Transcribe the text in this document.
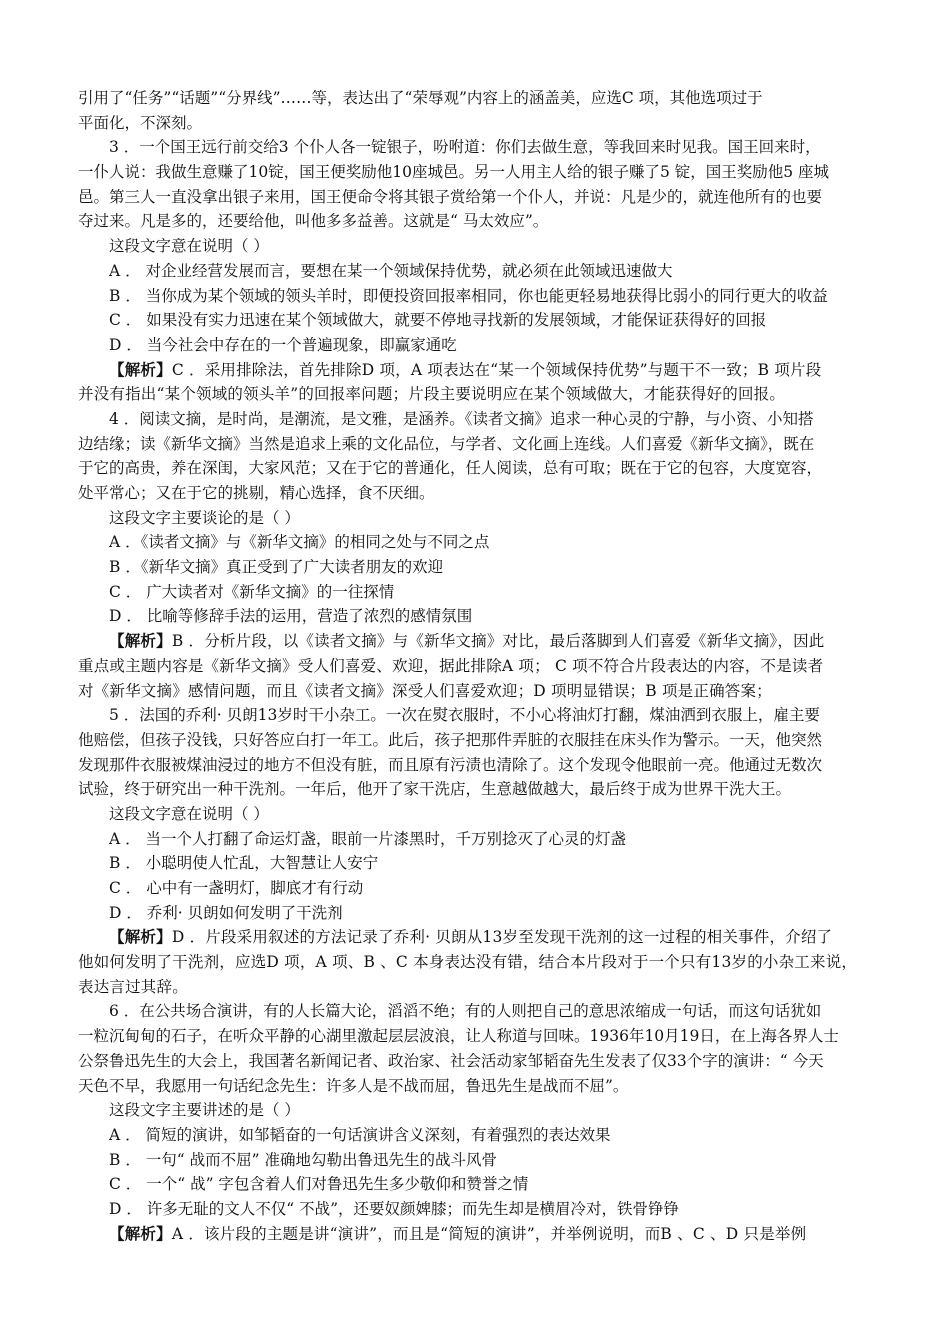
引用了“任务”“话题”“分界线”……等，表达出了“荣辱观”内容上的涵盖美，应选C 项，其他选项过于
平面化，不深刻。
3 ．一个国王远行前交给3 个仆人各一锭银子，吩咐道：你们去做生意，等我回来时见我。国王回来时，
一仆人说：我做生意赚了10锭，国王便奖励他10座城邑。另一人用主人给的银子赚了5 锭，国王奖励他5 座城
邑。第三人一直没拿出银子来用，国王便命令将其银子赏给第一个仆人，并说：凡是少的，就连他所有的也要
夺过来。凡是多的，还要给他，叫他多多益善。这就是“ 马太效应”。
这段文字意在说明（ ）
A ． 对企业经营发展而言，要想在某一个领域保持优势，就必须在此领域迅速做大
B ． 当你成为某个领域的领头羊时，即便投资回报率相同，你也能更轻易地获得比弱小的同行更大的收益
C ． 如果没有实力迅速在某个领域做大，就要不停地寻找新的发展领域，才能保证获得好的回报
D ． 当今社会中存在的一个普遍现象，即赢家通吃
【解析】C ．采用排除法，首先排除D 项，A 项表达在“某一个领域保持优势”与题干不一致；B 项片段
并没有指出“某个领域的领头羊”的回报率问题；片段主要说明应在某个领域做大，才能获得好的回报。
4 ．阅读文摘，是时尚，是潮流，是文雅，是涵养。《读者文摘》追求一种心灵的宁静，与小资、小知搭
边结缘；读《新华文摘》当然是追求上乘的文化品位，与学者、文化画上连线。人们喜爱《新华文摘》，既在
于它的高贵，养在深闺，大家风范；又在于它的普通化，任人阅读，总有可取；既在于它的包容，大度宽容，
处平常心；又在于它的挑剔，精心选择，食不厌细。
这段文字主要谈论的是（ ）
A ．《读者文摘》与《新华文摘》的相同之处与不同之点
B ．《新华文摘》真正受到了广大读者朋友的欢迎
C ． 广大读者对《新华文摘》的一往探情
D ． 比喻等修辞手法的运用，营造了浓烈的感情氛围
【解析】B ．分析片段，以《读者文摘》与《新华文摘》对比，最后落脚到人们喜爱《新华文摘》，因此
重点或主题内容是《新华文摘》受人们喜爱、欢迎，据此排除A 项； C 项不符合片段表达的内容，不是读者
对《新华文摘》感情问题，而且《读者文摘》深受人们喜爱欢迎；D 项明显错误；B 项是正确答案；
5 ．法国的乔利· 贝朗13岁时干小杂工。一次在熨衣服时，不小心将油灯打翻，煤油洒到衣服上，雇主要
他赔偿，但孩子没钱，只好答应白打一年工。此后，孩子把那件弄脏的衣服挂在床头作为警示。一天，他突然
发现那件衣服被煤油浸过的地方不但没有脏，而且原有污渍也清除了。这个发现令他眼前一亮。他通过无数次
试验，终于研究出一种干洗剂。一年后，他开了家干洗店，生意越做越大，最后终于成为世界干洗大王。
这段文字意在说明（ ）
A ． 当一个人打翻了命运灯盏，眼前一片漆黑时，千万别捻灭了心灵的灯盏
B ． 小聪明使人忙乱，大智慧让人安宁
C ． 心中有一盏明灯，脚底才有行动
D ． 乔利· 贝朗如何发明了干洗剂
【解析】D ．片段采用叙述的方法记录了乔利· 贝朗从13岁至发现干洗剂的这一过程的相关事件，介绍了
他如何发明了干洗剂，应选D 项，A 项、B 、C 本身表达没有错，结合本片段对于一个只有13岁的小杂工来说，
表达言过其辞。
6 ．在公共场合演讲，有的人长篇大论，滔滔不绝；有的人则把自己的意思浓缩成一句话，而这句话犹如
一粒沉甸甸的石子，在听众平静的心湖里激起层层波浪，让人称道与回味。1936年10月19日，在上海各界人士
公祭鲁迅先生的大会上，我国著名新闻记者、政治家、社会活动家邹韬奋先生发表了仅33个字的演讲：“ 今天
天色不早，我愿用一句话纪念先生：许多人是不战而屈，鲁迅先生是战而不屈”。
这段文字主要讲述的是（ ）
A ． 简短的演讲，如邹韬奋的一句话演讲含义深刻，有着强烈的表达效果
B ． 一句“ 战而不屈” 准确地勾勒出鲁迅先生的战斗风骨
C ． 一个“ 战” 字包含着人们对鲁迅先生多少敬仰和赞誉之情
D ． 许多无耻的文人不仅“ 不战”，还要奴颜婢膝；而先生却是横眉冷对，铁骨铮铮
【解析】A ．该片段的主题是讲“演讲”，而且是“简短的演讲”，并举例说明，而B 、C 、D 只是举例
